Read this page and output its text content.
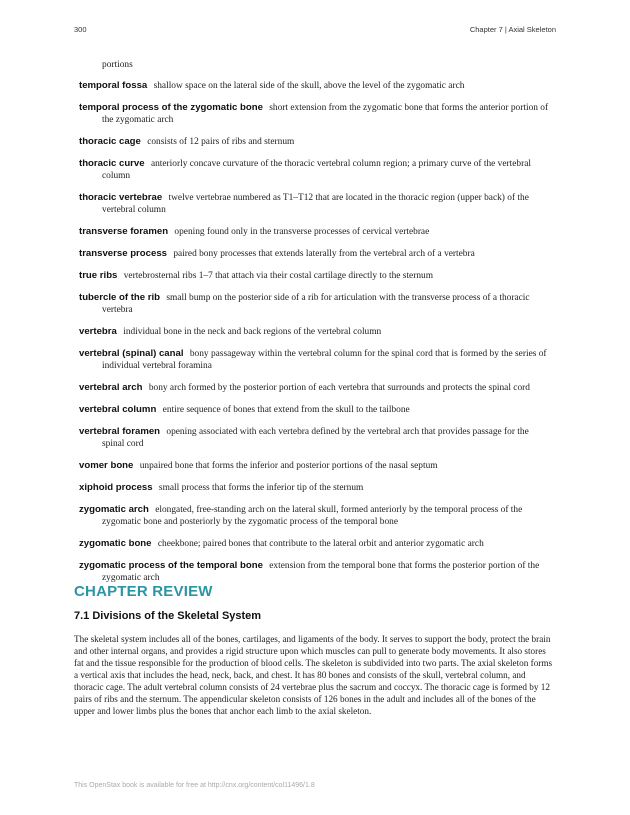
300	Chapter 7 | Axial Skeleton

portions

temporal fossa shallow space on the lateral side of the skull, above the level of the zygomatic arch

temporal process of the zygomatic bone short extension from the zygomatic bone that forms the anterior portion of the zygomatic arch

thoracic cage consists of 12 pairs of ribs and sternum

thoracic curve anteriorly concave curvature of the thoracic vertebral column region; a primary curve of the vertebral column

thoracic vertebrae twelve vertebrae numbered as T1–T12 that are located in the thoracic region (upper back) of the vertebral column

transverse foramen opening found only in the transverse processes of cervical vertebrae

transverse process paired bony processes that extends laterally from the vertebral arch of a vertebra

true ribs vertebrosternal ribs 1–7 that attach via their costal cartilage directly to the sternum

tubercle of the rib small bump on the posterior side of a rib for articulation with the transverse process of a thoracic vertebra

vertebra individual bone in the neck and back regions of the vertebral column

vertebral (spinal) canal bony passageway within the vertebral column for the spinal cord that is formed by the series of individual vertebral foramina

vertebral arch bony arch formed by the posterior portion of each vertebra that surrounds and protects the spinal cord

vertebral column entire sequence of bones that extend from the skull to the tailbone

vertebral foramen opening associated with each vertebra defined by the vertebral arch that provides passage for the spinal cord

vomer bone unpaired bone that forms the inferior and posterior portions of the nasal septum

xiphoid process small process that forms the inferior tip of the sternum

zygomatic arch elongated, free-standing arch on the lateral skull, formed anteriorly by the temporal process of the zygomatic bone and posteriorly by the zygomatic process of the temporal bone

zygomatic bone cheekbone; paired bones that contribute to the lateral orbit and anterior zygomatic arch

zygomatic process of the temporal bone extension from the temporal bone that forms the posterior portion of the zygomatic arch

CHAPTER REVIEW
7.1 Divisions of the Skeletal System

The skeletal system includes all of the bones, cartilages, and ligaments of the body. It serves to support the body, protect the brain and other internal organs, and provides a rigid structure upon which muscles can pull to generate body movements. It also stores fat and the tissue responsible for the production of blood cells. The skeleton is subdivided into two parts. The axial skeleton forms a vertical axis that includes the head, neck, back, and chest. It has 80 bones and consists of the skull, vertebral column, and thoracic cage. The adult vertebral column consists of 24 vertebrae plus the sacrum and coccyx. The thoracic cage is formed by 12 pairs of ribs and the sternum. The appendicular skeleton consists of 126 bones in the adult and includes all of the bones of the upper and lower limbs plus the bones that anchor each limb to the axial skeleton.

This OpenStax book is available for free at http://cnx.org/content/col11496/1.8
